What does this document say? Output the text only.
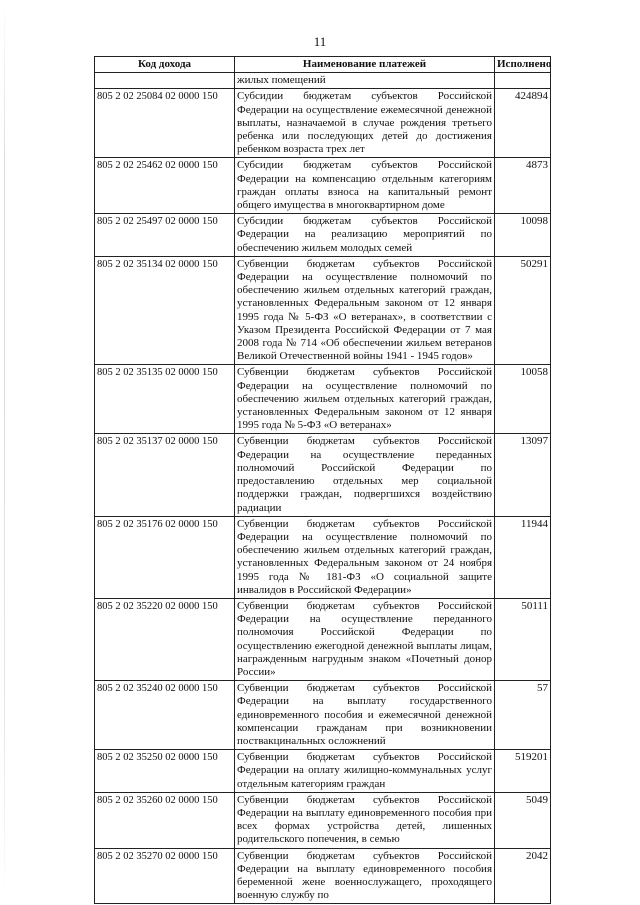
11
Код дохода	Наименование платежей	Исполнено
	жилых помещений	
805 2 02 25084 02 0000 150	Субсидии бюджетам субъектов Российской Федерации на осуществление ежемесячной денежной выплаты, назначаемой в случае рождения третьего ребенка или последующих детей до достижения ребенком возраста трех лет	424894
805 2 02 25462 02 0000 150	Субсидии бюджетам субъектов Российской Федерации на компенсацию отдельным категориям граждан оплаты взноса на капитальный ремонт общего имущества в многоквартирном доме	4873
805 2 02 25497 02 0000 150	Субсидии бюджетам субъектов Российской Федерации на реализацию мероприятий по обеспечению жильем молодых семей	10098
805 2 02 35134 02 0000 150	Субвенции бюджетам субъектов Российской Федерации на осуществление полномочий по обеспечению жильем отдельных категорий граждан, установленных Федеральным законом от 12 января 1995 года № 5-ФЗ «О ветеранах», в соответствии с Указом Президента Российской Федерации от 7 мая 2008 года № 714 «Об обеспечении жильем ветеранов Великой Отечественной войны 1941 - 1945 годов»	50291
805 2 02 35135 02 0000 150	Субвенции бюджетам субъектов Российской Федерации на осуществление полномочий по обеспечению жильем отдельных категорий граждан, установленных Федеральным законом от 12 января 1995 года № 5-ФЗ «О ветеранах»	10058
805 2 02 35137 02 0000 150	Субвенции бюджетам субъектов Российской Федерации на осуществление переданных полномочий Российской Федерации по предоставлению отдельных мер социальной поддержки граждан, подвергшихся воздействию радиации	13097
805 2 02 35176 02 0000 150	Субвенции бюджетам субъектов Российской Федерации на осуществление полномочий по обеспечению жильем отдельных категорий граждан, установленных Федеральным законом от 24 ноября 1995 года № 181-ФЗ «О социальной защите инвалидов в Российской Федерации»	11944
805 2 02 35220 02 0000 150	Субвенции бюджетам субъектов Российской Федерации на осуществление переданного полномочия Российской Федерации по осуществлению ежегодной денежной выплаты лицам, награжденным нагрудным знаком «Почетный донор России»	50111
805 2 02 35240 02 0000 150	Субвенции бюджетам субъектов Российской Федерации на выплату государственного единовременного пособия и ежемесячной денежной компенсации гражданам при возникновении поствакцинальных осложнений	57
805 2 02 35250 02 0000 150	Субвенции бюджетам субъектов Российской Федерации на оплату жилищно-коммунальных услуг отдельным категориям граждан	519201
805 2 02 35260 02 0000 150	Субвенции бюджетам субъектов Российской Федерации на выплату единовременного пособия при всех формах устройства детей, лишенных родительского попечения, в семью	5049
805 2 02 35270 02 0000 150	Субвенции бюджетам субъектов Российской Федерации на выплату единовременного пособия беременной жене военнослужащего, проходящего военную службу по	2042
